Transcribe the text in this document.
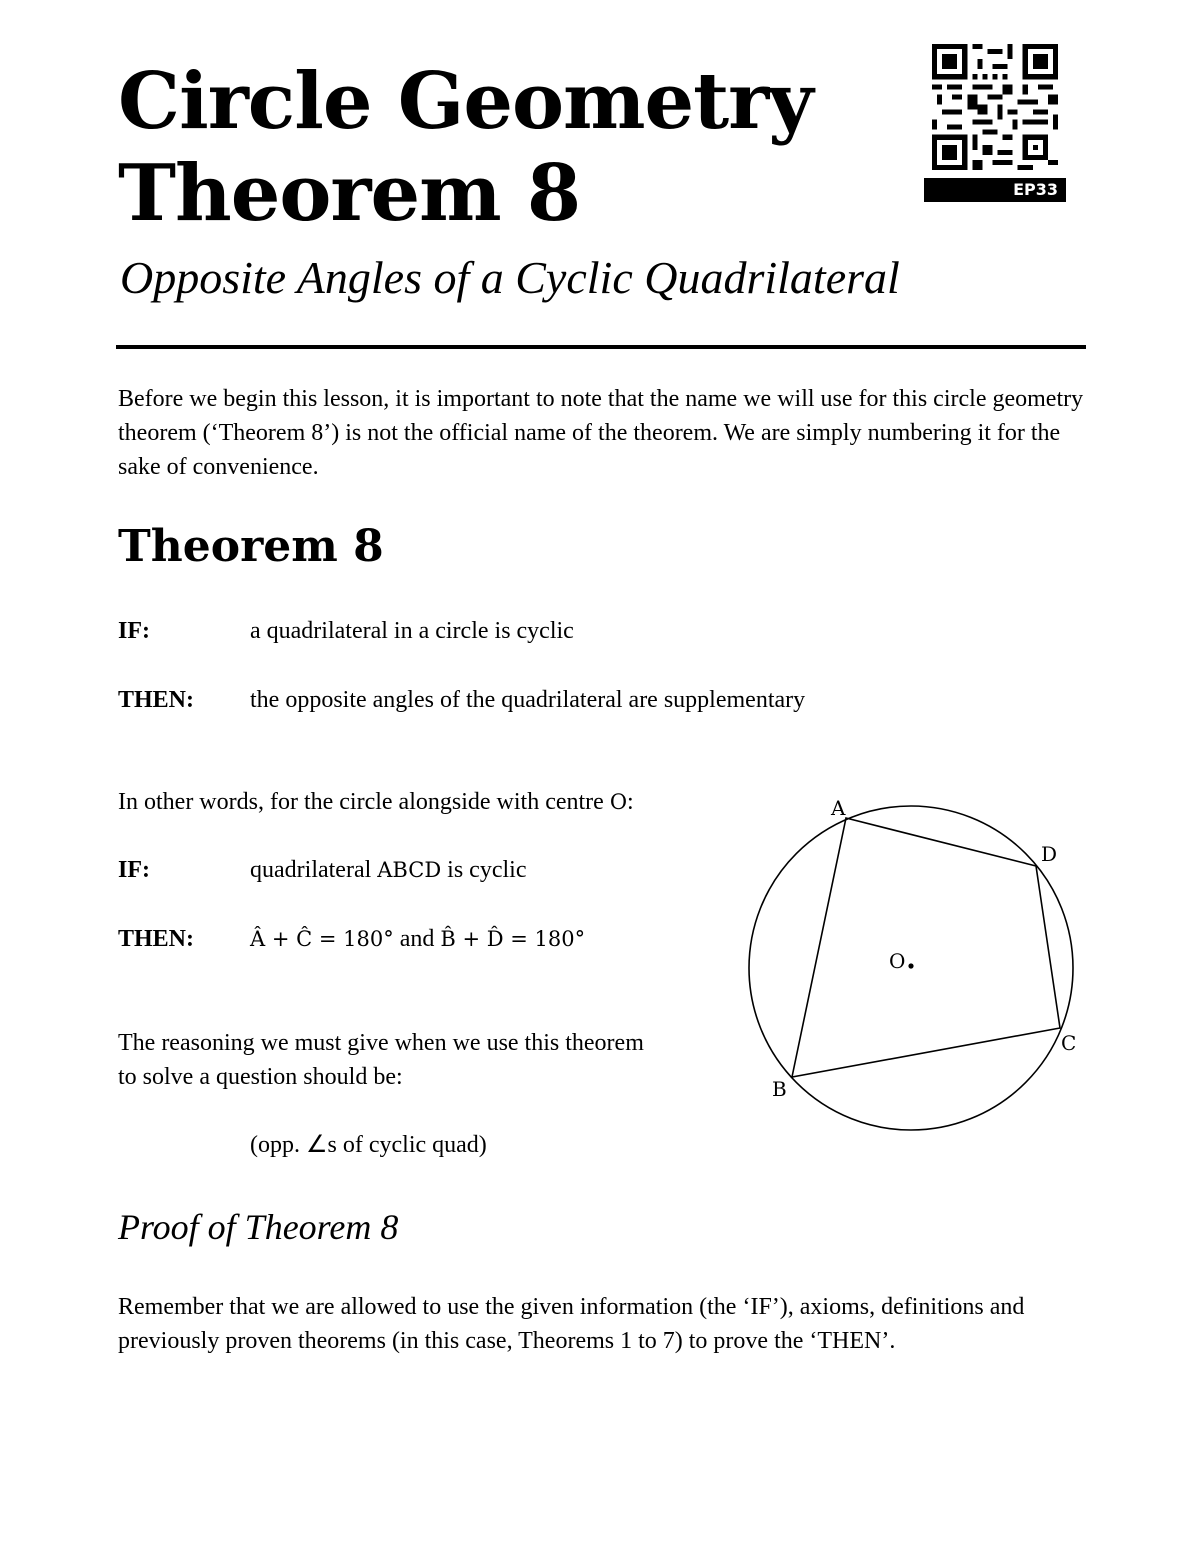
Circle Geometry
Theorem 8	EP33

Opposite Angles of a Cyclic Quadrilateral

Before we begin this lesson, it is important to note that the name we will use for this circle geometry theorem (‘Theorem 8’) is not the official name of the theorem. We are simply numbering it for the sake of convenience.

Theorem 8
IF:	a quadrilateral in a circle is cyclic
THEN: the opposite angles of the quadrilateral are supplementary
In other words, for the circle alongside with centre O:
IF:	quadrilateral ABCD is cyclic
THEN:	Â + Ĉ = 180° and B̂ + D̂ = 180°

The reasoning we must give when we use this theorem to solve a question should be:

(opp. ∠s of cyclic quad)
A
D
C
B
O
Proof of Theorem 8

Remember that we are allowed to use the given information (the ‘IF’), axioms, definitions and previously proven theorems (in this case, Theorems 1 to 7) to prove the ‘THEN’.
